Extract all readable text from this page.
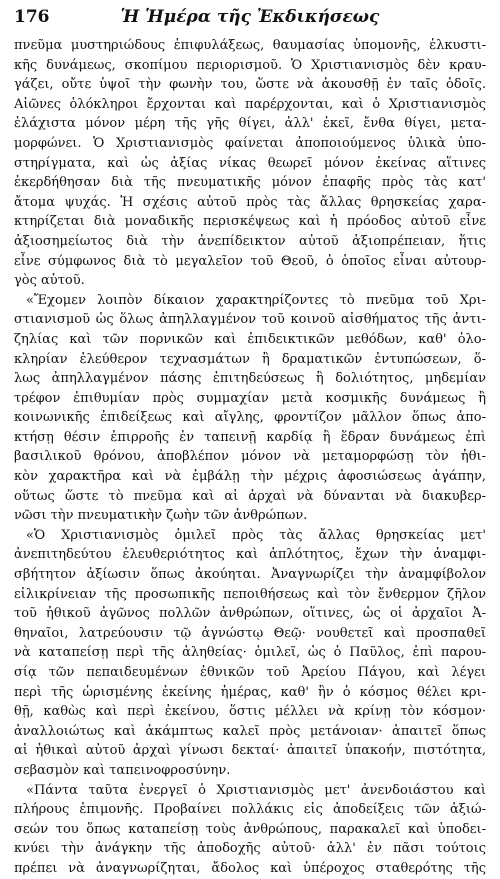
176	Ἡ Ἡμέρα τῆς Ἐκδικήσεως
πνεῦμα μυστηριώδους ἐπιφυλάξεως, θαυμασίας ὑπομονῆς, ἑλκυστι-
κῆς δυνάμεως, σκοπίμου περιορισμοῦ. Ὁ Χριστιανισμὸς δὲν κραυ-
γάζει, οὔτε ὑψοῖ τὴν φωνὴν του, ὥστε νὰ ἀκουσθῇ ἐν ταῖς ὁδοῖς.
Αἰῶνες ὁλόκληροι ἔρχονται καὶ παρέρχονται, καὶ ὁ Χριστιανισμὸς
ἐλάχιστα μόνον μέρη τῆς γῆς θίγει, ἀλλ' ἐκεῖ, ἔνθα θίγει, μετα-
μορφώνει. Ὁ Χριστιανισμὸς φαίνεται ἀποποιούμενος ὑλικὰ ὑπο-
στηρίγματα, καὶ ὡς ἀξίας νίκας θεωρεῖ μόνον ἐκείνας αἵτινες
ἐκερδήθησαν διὰ τῆς πνευματικῆς μόνον ἐπαφῆς πρὸς τὰς κατ'
ἄτομα ψυχάς. Ἡ σχέσις αὐτοῦ πρὸς τὰς ἄλλας θρησκείας χαρα-
κτηρίζεται διὰ μοναδικῆς περισκέψεως καὶ ἡ πρόοδος αὐτοῦ εἶνε
ἀξιοσημείωτος διὰ τὴν ἀνεπίδεικτον αὐτοῦ ἀξιοπρέπειαν, ἥτις
εἶνε σύμφωνος διὰ τὸ μεγαλεῖον τοῦ Θεοῦ, ὁ ὁποῖος εἶναι αὐτουρ-
γὸς αὐτοῦ.
«Ἔχομεν λοιπὸν δίκαιον χαρακτηρίζοντες τὸ πνεῦμα τοῦ Χρι-
στιανισμοῦ ὡς ὅλως ἀπηλλαγμένον τοῦ κοινοῦ αἰσθήματος τῆς ἀντι-
ζηλίας καὶ τῶν πορνικῶν καὶ ἐπιδεικτικῶν μεθόδων, καθ' ὁλο-
κληρίαν ἐλεύθερον τεχνασμάτων ἢ δραματικῶν ἐντυπώσεων, ὅ-
λως ἀπηλλαγμένον πάσης ἐπιτηδεύσεως ἢ δολιότητος, μηδεμίαν
τρέφον ἐπιθυμίαν πρὸς συμμαχίαν μετὰ κοσμικῆς δυνάμεως ἢ
κοινωνικῆς ἐπιδείξεως καὶ αἴγλης, φροντίζον μᾶλλον ὅπως ἀπο-
κτήσῃ θέσιν ἐπιρροῆς ἐν ταπεινῇ καρδίᾳ ἢ ἕδραν δυνάμεως ἐπὶ
βασιλικοῦ θρόνου, ἀποβλέπον μόνον νὰ μεταμορφώσῃ τὸν ἠθι-
κὸν χαρακτῆρα καὶ νὰ ἐμβάλῃ τὴν μέχρις ἀφοσιώσεως ἀγάπην,
οὕτως ὥστε τὸ πνεῦμα καὶ αἱ ἀρχαὶ νὰ δύνανται νὰ διακυβερ-
νῶσι τὴν πνευματικὴν ζωὴν τῶν ἀνθρώπων.
«Ὁ Χριστιανισμὸς ὁμιλεῖ πρὸς τὰς ἄλλας θρησκείας μετ'
ἀνεπιτηδεύτου ἐλευθεριότητος καὶ ἁπλότητος, ἔχων τὴν ἀναμφι-
σβήτητον ἀξίωσιν ὅπως ἀκούηται. Ἀναγνωρίζει τὴν ἀναμφίβολον
εἰλικρίνειαν τῆς προσωπικῆς πεποιθήσεως καὶ τὸν ἔνθερμον ζῆλον
τοῦ ἠθικοῦ ἀγῶνος πολλῶν ἀνθρώπων, οἵτινες, ὡς οἱ ἀρχαῖοι Ἀ-
θηναῖοι, λατρεύουσιν τῷ ἀγνώστῳ Θεῷ· νουθετεῖ καὶ προσπαθεῖ
νὰ καταπείσῃ περὶ τῆς ἀληθείας· ὁμιλεῖ, ὡς ὁ Παῦλος, ἐπὶ παρου-
σίᾳ τῶν πεπαιδευμένων ἐθνικῶν τοῦ Ἀρείου Πάγου, καὶ λέγει
περὶ τῆς ὡρισμένης ἐκείνης ἡμέρας, καθ' ἣν ὁ κόσμος θέλει κρι-
θῇ, καθὼς καὶ περὶ ἐκείνου, ὅστις μέλλει νὰ κρίνῃ τὸν κόσμον·
ἀναλλοιώτως καὶ ἀκάμπτως καλεῖ πρὸς μετάνοιαν· ἀπαιτεῖ ὅπως
αἱ ἠθικαὶ αὐτοῦ ἀρχαὶ γίνωσι δεκταί· ἀπαιτεῖ ὑπακοήν, πιστότητα,
σεβασμὸν καὶ ταπεινοφροσύνην.
«Πάντα ταῦτα ἐνεργεῖ ὁ Χριστιανισμὸς μετ' ἀνενδοιάστου καὶ
πλήρους ἐπιμονῆς. Προβαίνει πολλάκις εἰς ἀποδείξεις τῶν ἀξιώ-
σεών του ὅπως καταπείσῃ τοὺς ἀνθρώπους, παρακαλεῖ καὶ ὑποδει-
κνύει τὴν ἀνάγκην τῆς ἀποδοχῆς αὐτοῦ· ἀλλ' ἐν πᾶσι τούτοις
πρέπει νὰ ἀναγνωρίζηται, ἄδολος καὶ ὑπέροχος σταθερότης τῆς
